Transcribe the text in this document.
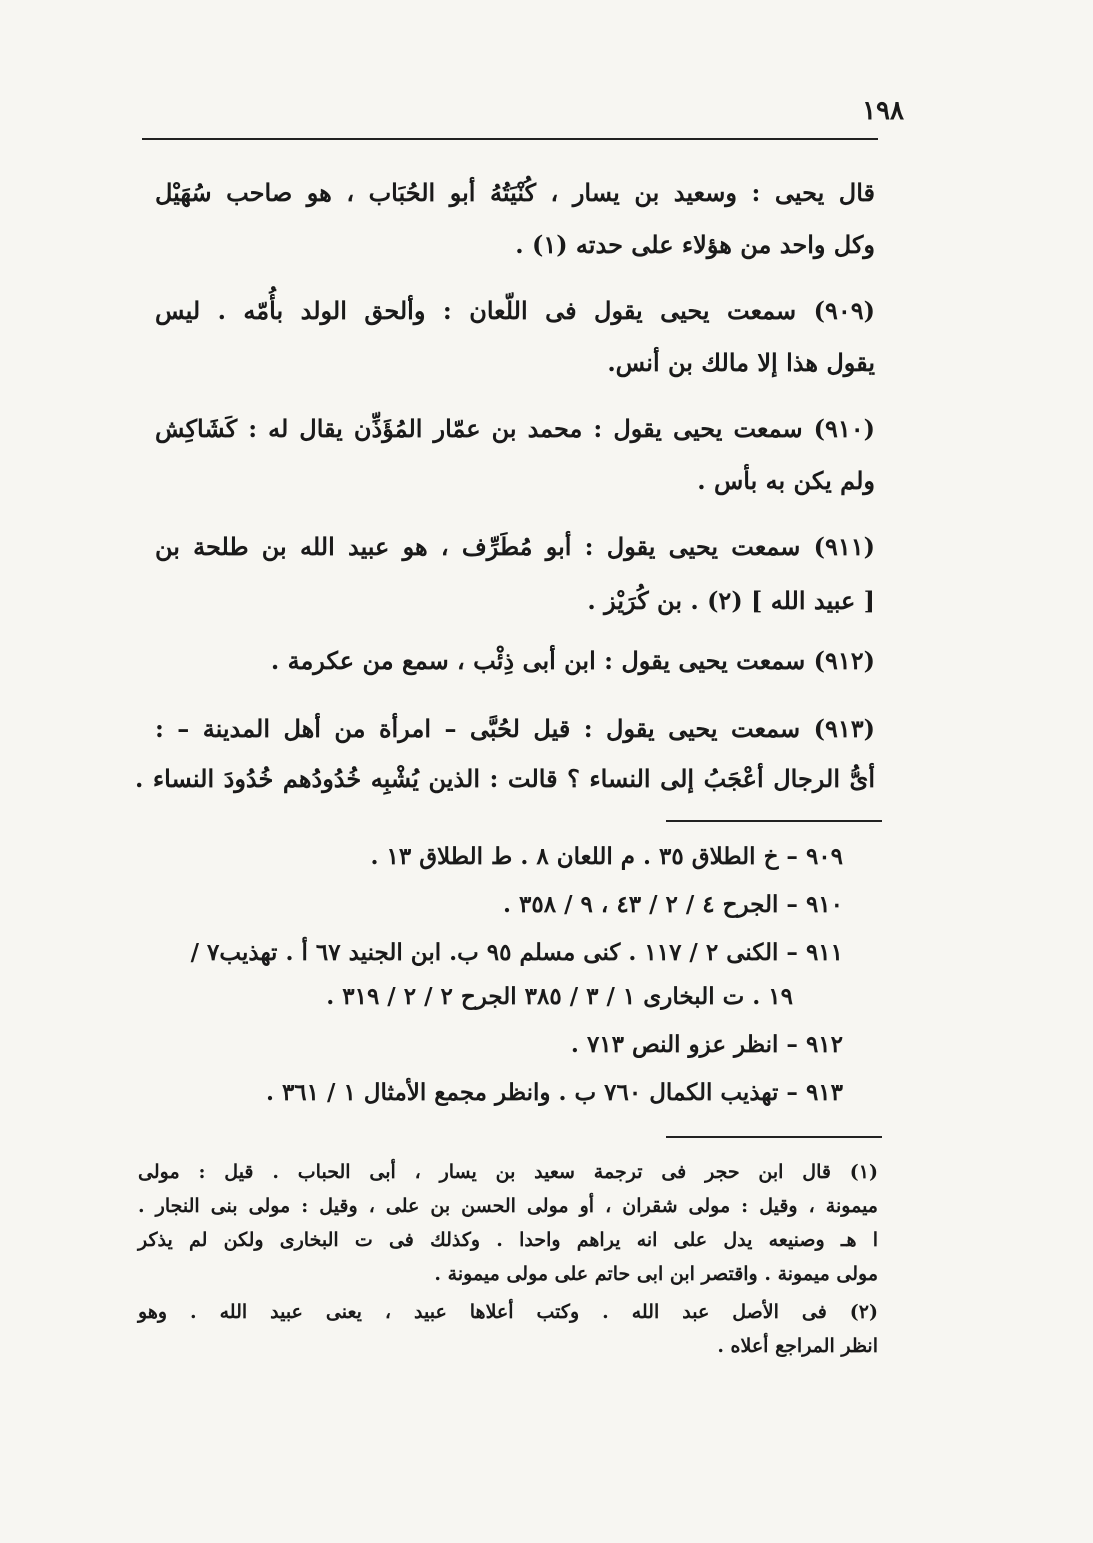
١٩٨
قال يحيى : وسعيد بن يسار ، كُنْيَتُهُ أبو الحُبَاب ، هو صاحب سُهَيْل
وكل واحد من هؤلاء على حدته (١) .
(٩٠٩) سمعت يحيى يقول فى اللّعان : وألحق الولد بأُمّه . ليس
يقول هذا إلا مالك بن أنس.
(٩١٠) سمعت يحيى يقول : محمد بن عمّار المُؤَذِّن يقال له : كَشَاكِش
ولم يكن به بأس .
(٩١١) سمعت يحيى يقول : أبو مُطَرِّف ، هو عبيد الله بن طلحة بن
[ عبيد الله ] (٢) . بن كُرَيْز .
(٩١٢) سمعت يحيى يقول : ابن أبى ذِئْب ، سمع من عكرمة .
(٩١٣) سمعت يحيى يقول : قيل لحُبَّى – امرأة من أهل المدينة – :
أىُّ الرجال أعْجَبُ إلى النساء ؟ قالت : الذين يُشْبِه خُدُودُهم خُدُودَ النساء .
٩٠٩ – خ الطلاق ٣٥ . م اللعان ٨ . ط الطلاق ١٣ .
٩١٠ – الجرح ٤ / ٢ / ٤٣ ، ٩ / ٣٥٨ .
٩١١ – الكنى ٢ / ١١٧ . كنى مسلم ٩٥ ب. ابن الجنيد ٦٧ أ . تهذيب٧ /
١٩ . ت البخارى ١ / ٣ / ٣٨٥ الجرح ٢ / ٢ / ٣١٩ .
٩١٢ – انظر عزو النص ٧١٣ .
٩١٣ – تهذيب الكمال ٧٦٠ ب . وانظر مجمع الأمثال ١ / ٣٦١ .
(١) قال ابن حجر فى ترجمة سعيد بن يسار ، أبى الحباب . قيل : مولى
ميمونة ، وقيل : مولى شقران ، أو مولى الحسن بن على ، وقيل : مولى بنى النجار .
ا هـ وصنيعه يدل على انه يراهم واحدا . وكذلك فى ت البخارى ولكن لم يذكر
مولى ميمونة . واقتصر ابن ابى حاتم على مولى ميمونة .
(٢) فى الأصل عبد الله . وكتب أعلاها عبيد ، يعنى عبيد الله . وهو
انظر المراجع أعلاه .
